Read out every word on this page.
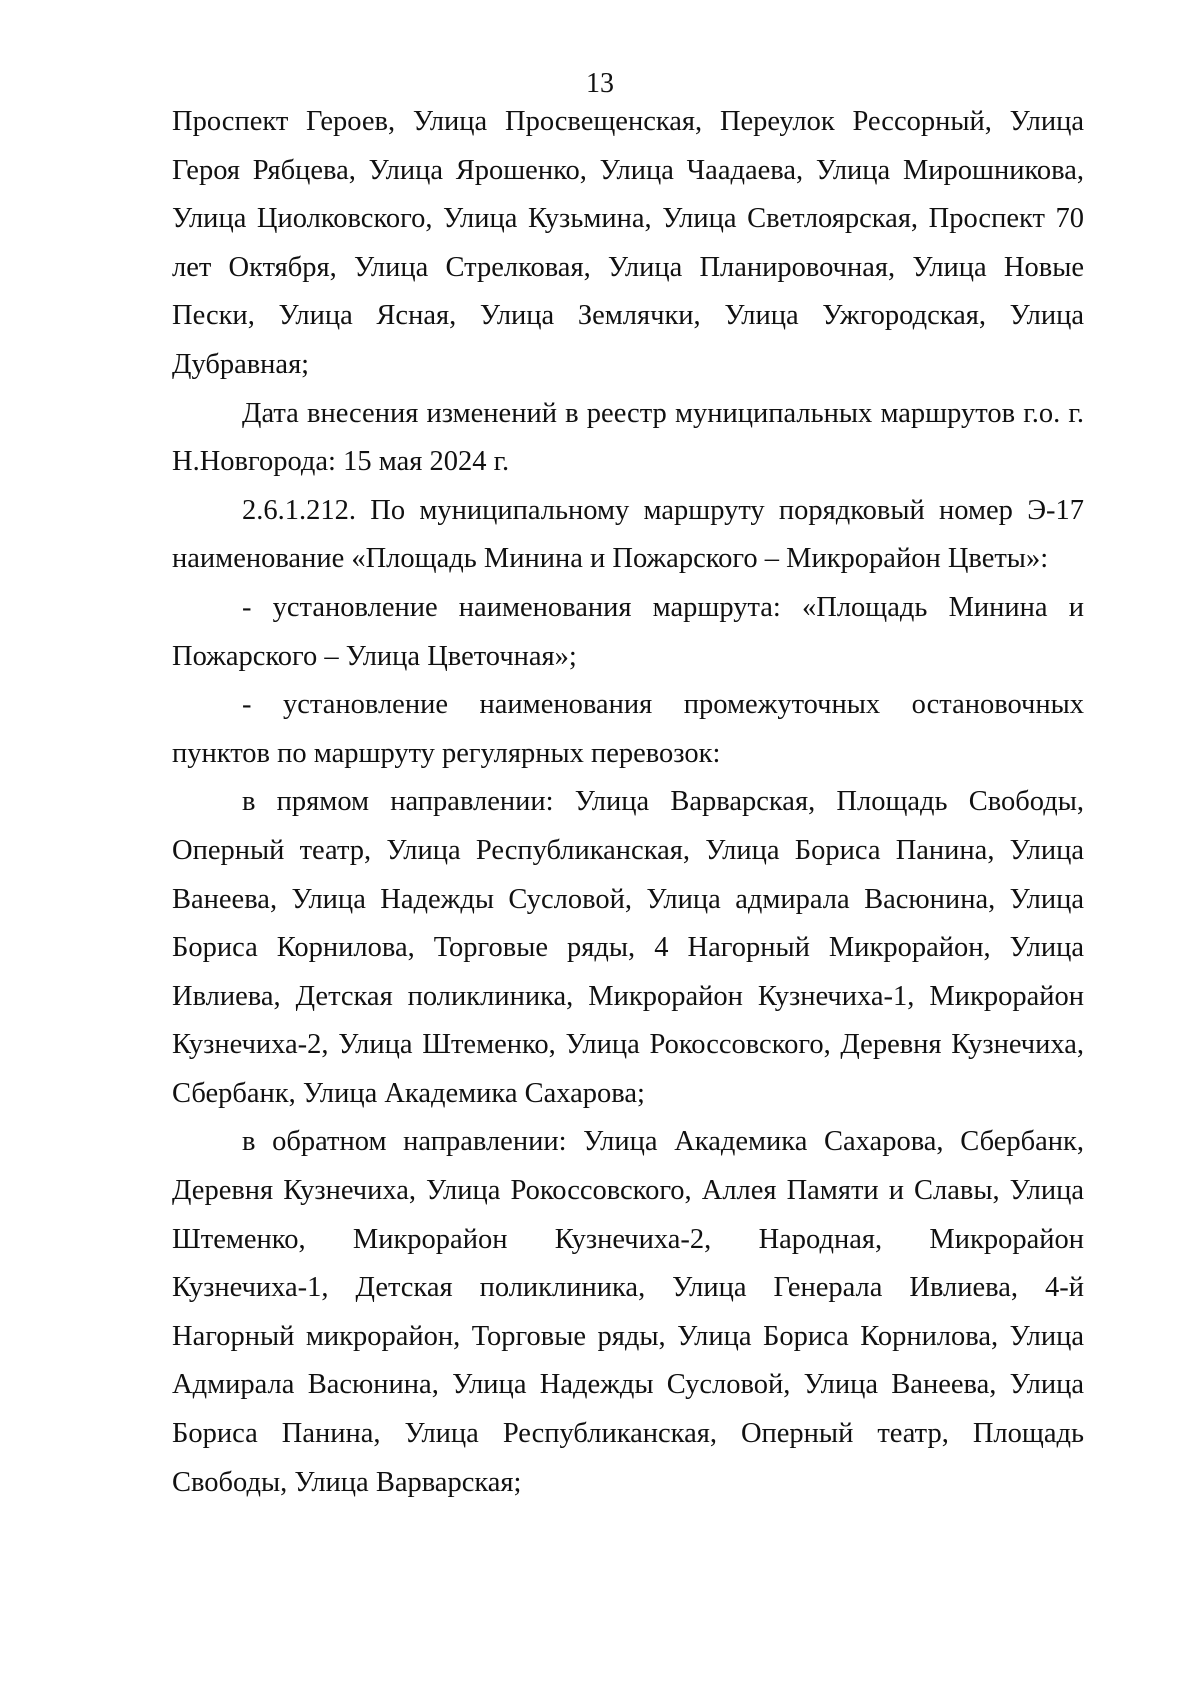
13

Проспект Героев, Улица Просвещенская, Переулок Рессорный, Улица Героя Рябцева, Улица Ярошенко, Улица Чаадаева, Улица Мирошникова, Улица Циолковского, Улица Кузьмина, Улица Светлоярская, Проспект 70 лет Октября, Улица Стрелковая, Улица Планировочная, Улица Новые Пески, Улица Ясная, Улица Землячки, Улица Ужгородская, Улица Дубравная;

Дата внесения изменений в реестр муниципальных маршрутов г.о. г. Н.Новгорода: 15 мая 2024 г.

2.6.1.212. По муниципальному маршруту порядковый номер Э-17 наименование «Площадь Минина и Пожарского – Микрорайон Цветы»:

- установление наименования маршрута: «Площадь Минина и Пожарского – Улица Цветочная»;

- установление наименования промежуточных остановочных пунктов по маршруту регулярных перевозок:

в прямом направлении: Улица Варварская, Площадь Свободы, Оперный театр, Улица Республиканская, Улица Бориса Панина, Улица Ванеева, Улица Надежды Сусловой, Улица адмирала Васюнина, Улица Бориса Корнилова, Торговые ряды, 4 Нагорный Микрорайон, Улица Ивлиева, Детская поликлиника, Микрорайон Кузнечиха-1, Микрорайон Кузнечиха-2, Улица Штеменко, Улица Рокоссовского, Деревня Кузнечиха, Сбербанк, Улица Академика Сахарова;

в обратном направлении: Улица Академика Сахарова, Сбербанк, Деревня Кузнечиха, Улица Рокоссовского, Аллея Памяти и Славы, Улица Штеменко, Микрорайон Кузнечиха-2, Народная, Микрорайон Кузнечиха-1, Детская поликлиника, Улица Генерала Ивлиева, 4-й Нагорный микрорайон, Торговые ряды, Улица Бориса Корнилова, Улица Адмирала Васюнина, Улица Надежды Сусловой, Улица Ванеева, Улица Бориса Панина, Улица Республиканская, Оперный театр, Площадь Свободы, Улица Варварская;
